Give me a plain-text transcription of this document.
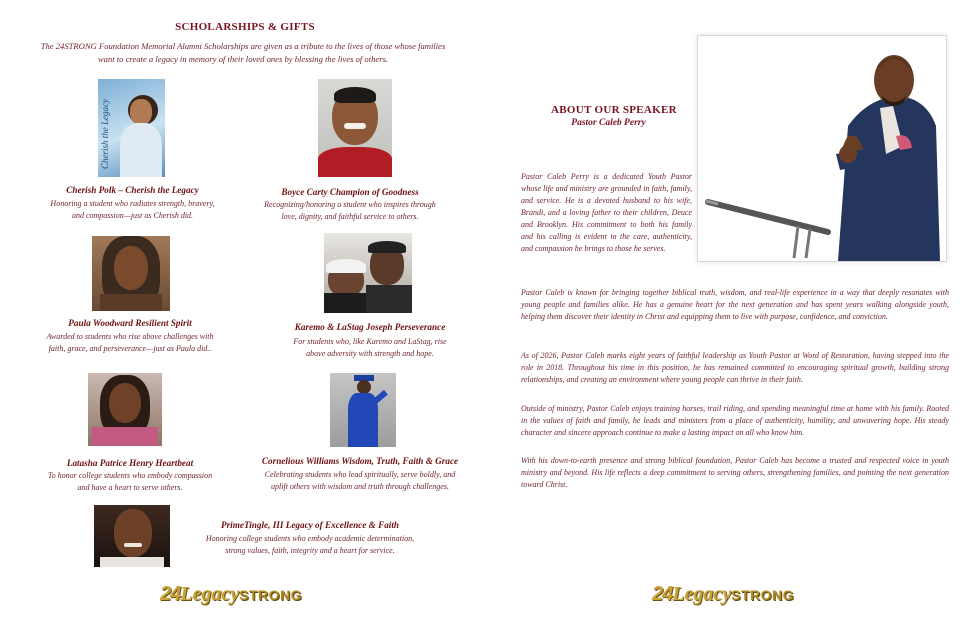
SCHOLARSHIPS & GIFTS
The 24STRONG Foundation Memorial Alumni Scholarships are given as a tribute to the lives of those whose families
want to create a legacy in memory of their loved ones by blessing the lives of others.
Cherish the Legacy
Cherish Polk – Cherish the Legacy
Honoring a student who radiates strength, bravery,
and compassion—just as Cherish did.
Boyce Carty Champion of Goodness
Recognizing/honoring a student who inspires through
love, dignity, and faithful service to others.
Paula Woodward Resilient Spirit
Awarded to students who rise above challenges with
faith, grace, and perseverance—just as Paula did..
Karemo & LaStag Joseph Perseverance
For students who, like Karemo and LaStag, rise
above adversity with strength and hope.
Latasha Patrice Henry Heartbeat
To honor college students who embody compassion
and have a heart to serve others.
Cornelious Williams Wisdom, Truth, Faith & Grace
Celebrating students who lead spiritually, serve boldly, and
uplift others with wisdom and truth through challenges.
PrimeTingle, III Legacy of Excellence & Faith
Honoring college students who embody academic determination,
strong values, faith, integrity and a heart for service.
24 Legacy STRONG
ABOUT OUR SPEAKER
Pastor Caleb Perry
Pastor Caleb Perry is a dedicated Youth Pastor whose life and ministry are grounded in faith, family, and service. He is a devoted husband to his wife, Brandi, and a loving father to their children, Deuce and Brooklyn. His commitment to both his family and his calling is evident in the care, authenticity, and compassion he brings to those he serves.
Pastor Caleb is known for bringing together biblical truth, wisdom, and real-life experience in a way that deeply resonates with young people and families alike. He has a genuine heart for the next generation and has spent years walking alongside youth, helping them discover their identity in Christ and equipping them to live with purpose, confidence, and conviction.
As of 2026, Pastor Caleb marks eight years of faithful leadership as Youth Pastor at Word of Restoration, having stepped into the role in 2018. Throughout his time in this position, he has remained committed to encouraging spiritual growth, building strong relationships, and creating an environment where young people can thrive in their faith.
Outside of ministry, Pastor Caleb enjoys training horses, trail riding, and spending meaningful time at home with his family. Rooted in the values of faith and family, he leads and ministers from a place of authenticity, humility, and unwavering hope. His steady character and sincere approach continue to make a lasting impact on all who know him.
With his down-to-earth presence and strong biblical foundation, Pastor Caleb has become a trusted and respected voice in youth ministry and beyond. His life reflects a deep commitment to serving others, strengthening families, and pointing the next generation toward Christ.
24 Legacy STRONG
